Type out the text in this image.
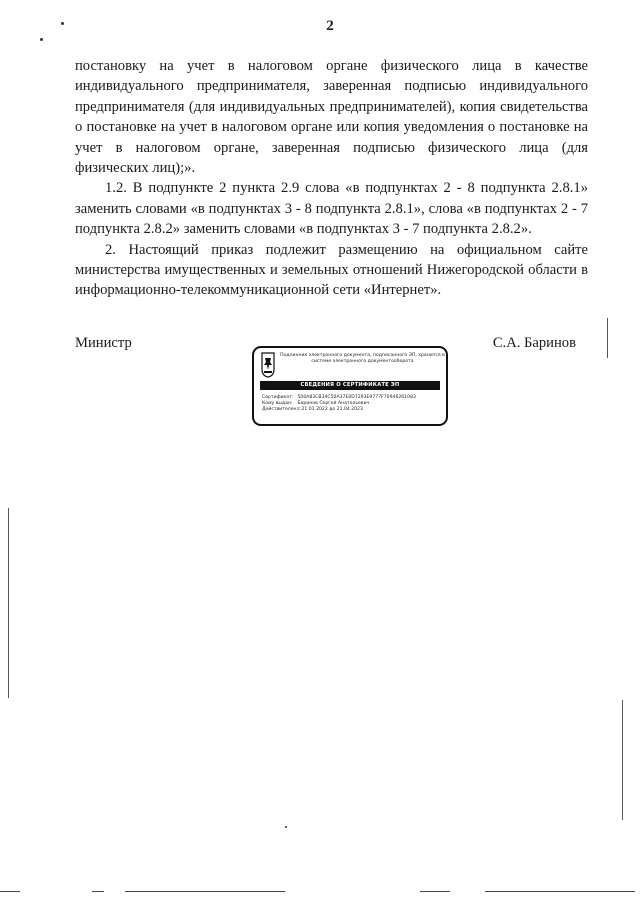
2

постановку на учет в налоговом органе физического лица в качестве индивидуального предпринимателя, заверенная подписью индивидуального предпринимателя (для индивидуальных предпринимателей), копия свидетельства о постановке на учет в налоговом органе или копия уведомления о постановке на учет в налоговом органе, заверенная подписью физического лица (для физических лиц);».

1.2. В подпункте 2 пункта 2.9 слова «в подпунктах 2 - 8 подпункта 2.8.1» заменить словами «в подпунктах 3 - 8 подпункта 2.8.1», слова «в подпунктах 2 - 7 подпункта 2.8.2» заменить словами «в подпунктах 3 - 7 подпункта 2.8.2».

2. Настоящий приказ подлежит размещению на официальном сайте министерства имущественных и земельных отношений Нижегородской области в информационно-телекоммуникационной сети «Интернет».

Министр	С.А. Баринов
Подлинник электронного документа, подписанного ЭП, хранится в системе электронного документооборота
СВЕДЕНИЯ О СЕРТИФИКАТЕ ЭП
Сертификат: 500A83CB34C50A37E0D7293E9777F70946261083
Кому выдан: Баринов Сергей Анатольевич
Действителен: с 21.01.2022 до 21.04.2023
